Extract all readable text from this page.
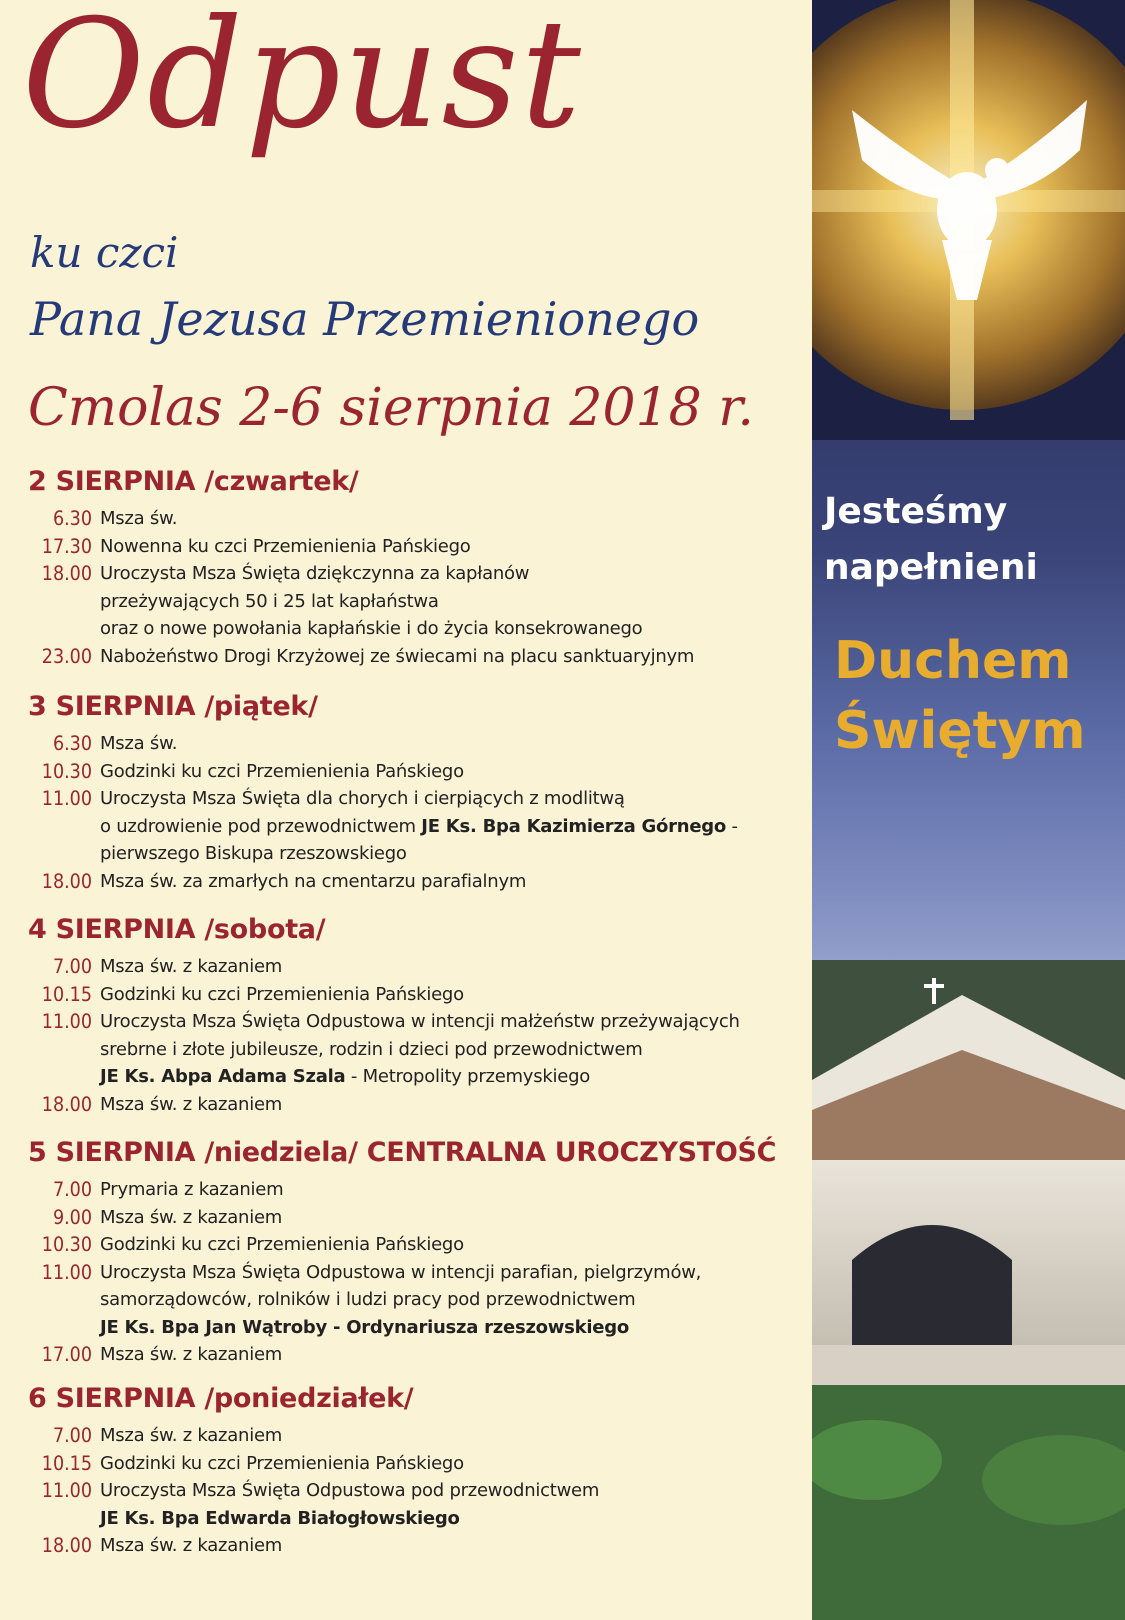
Odpust
ku czci
Pana Jezusa Przemienionego
Cmolas 2-6 sierpnia 2018 r.
2 SIERPNIA /czwartek/
6.30 Msza św.
17.30 Nowenna ku czci Przemienienia Pańskiego
18.00 Uroczysta Msza Święta dziękczynna za kapłanów
przeżywających 50 i 25 lat kapłaństwa
oraz o nowe powołania kapłańskie i do życia konsekrowanego
23.00 Nabożeństwo Drogi Krzyżowej ze świecami na placu sanktuaryjnym
3 SIERPNIA /piątek/
6.30 Msza św.
10.30 Godzinki ku czci Przemienienia Pańskiego
11.00 Uroczysta Msza Święta dla chorych i cierpiących z modlitwą
o uzdrowienie pod przewodnictwem JE Ks. Bpa Kazimierza Górnego -
pierwszego Biskupa rzeszowskiego
18.00 Msza św. za zmarłych na cmentarzu parafialnym
4 SIERPNIA /sobota/
7.00 Msza św. z kazaniem
10.15 Godzinki ku czci Przemienienia Pańskiego
11.00 Uroczysta Msza Święta Odpustowa w intencji małżeństw przeżywających
srebrne i złote jubileusze, rodzin i dzieci pod przewodnictwem
JE Ks. Abpa Adama Szala - Metropolity przemyskiego
18.00 Msza św. z kazaniem
5 SIERPNIA /niedziela/ CENTRALNA UROCZYSTOŚĆ
7.00 Prymaria z kazaniem
9.00 Msza św. z kazaniem
10.30 Godzinki ku czci Przemienienia Pańskiego
11.00 Uroczysta Msza Święta Odpustowa w intencji parafian, pielgrzymów,
samorządowców, rolników i ludzi pracy pod przewodnictwem
JE Ks. Bpa Jan Wątroby - Ordynariusza rzeszowskiego
17.00 Msza św. z kazaniem
6 SIERPNIA /poniedziałek/
7.00 Msza św. z kazaniem
10.15 Godzinki ku czci Przemienienia Pańskiego
11.00 Uroczysta Msza Święta Odpustowa pod przewodnictwem
JE Ks. Bpa Edwarda Białogłowskiego
18.00 Msza św. z kazaniem
Jesteśmy
napełnieni
Duchem
Świętym
